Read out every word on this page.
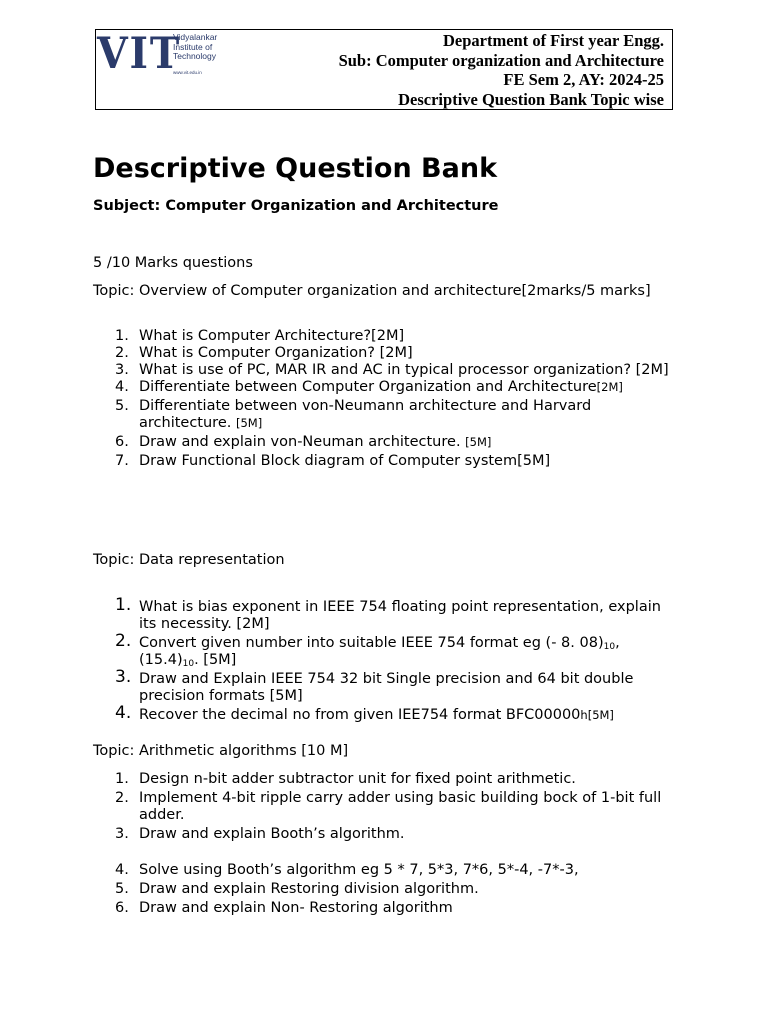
VIT
Vidyalankar Institute of Technology
www.vit.edu.in
Department of First year Engg.
Sub: Computer organization and Architecture
FE Sem 2, AY: 2024-25
Descriptive Question Bank Topic wise
Descriptive Question Bank
Subject: Computer Organization and Architecture
5 /10 Marks questions
Topic: Overview of Computer organization and architecture[2marks/5 marks]
1. What is Computer Architecture?[2M]
2. What is Computer Organization? [2M]
3. What is use of PC, MAR IR and AC in typical processor organization? [2M]
4. Differentiate between Computer Organization and Architecture[2M]
5. Differentiate between von-Neumann architecture and Harvard architecture. [5M]
6. Draw and explain von-Neuman architecture. [5M]
7. Draw Functional Block diagram of Computer system[5M]
Topic: Data representation
1. What is bias exponent in IEEE 754 floating point representation, explain its necessity. [2M]
2. Convert given number into suitable IEEE 754 format eg (- 8. $08)_{10}$, $(15.4)_{10}$. [5M]
3. Draw and Explain IEEE 754 32 bit Single precision and 64 bit double precision formats [5M]
4. Recover the decimal no from given IEE754 format BFC00000h[5M]
Topic: Arithmetic algorithms [10 M]
1. Design n-bit adder subtractor unit for fixed point arithmetic.
2. Implement 4-bit ripple carry adder using basic building bock of 1-bit full adder.
3. Draw and explain Booth’s algorithm.
4. Solve using Booth’s algorithm eg 5 * 7, 5*3, 7*6, 5*-4, -7*-3,
5. Draw and explain Restoring division algorithm.
6. Draw and explain Non- Restoring algorithm
